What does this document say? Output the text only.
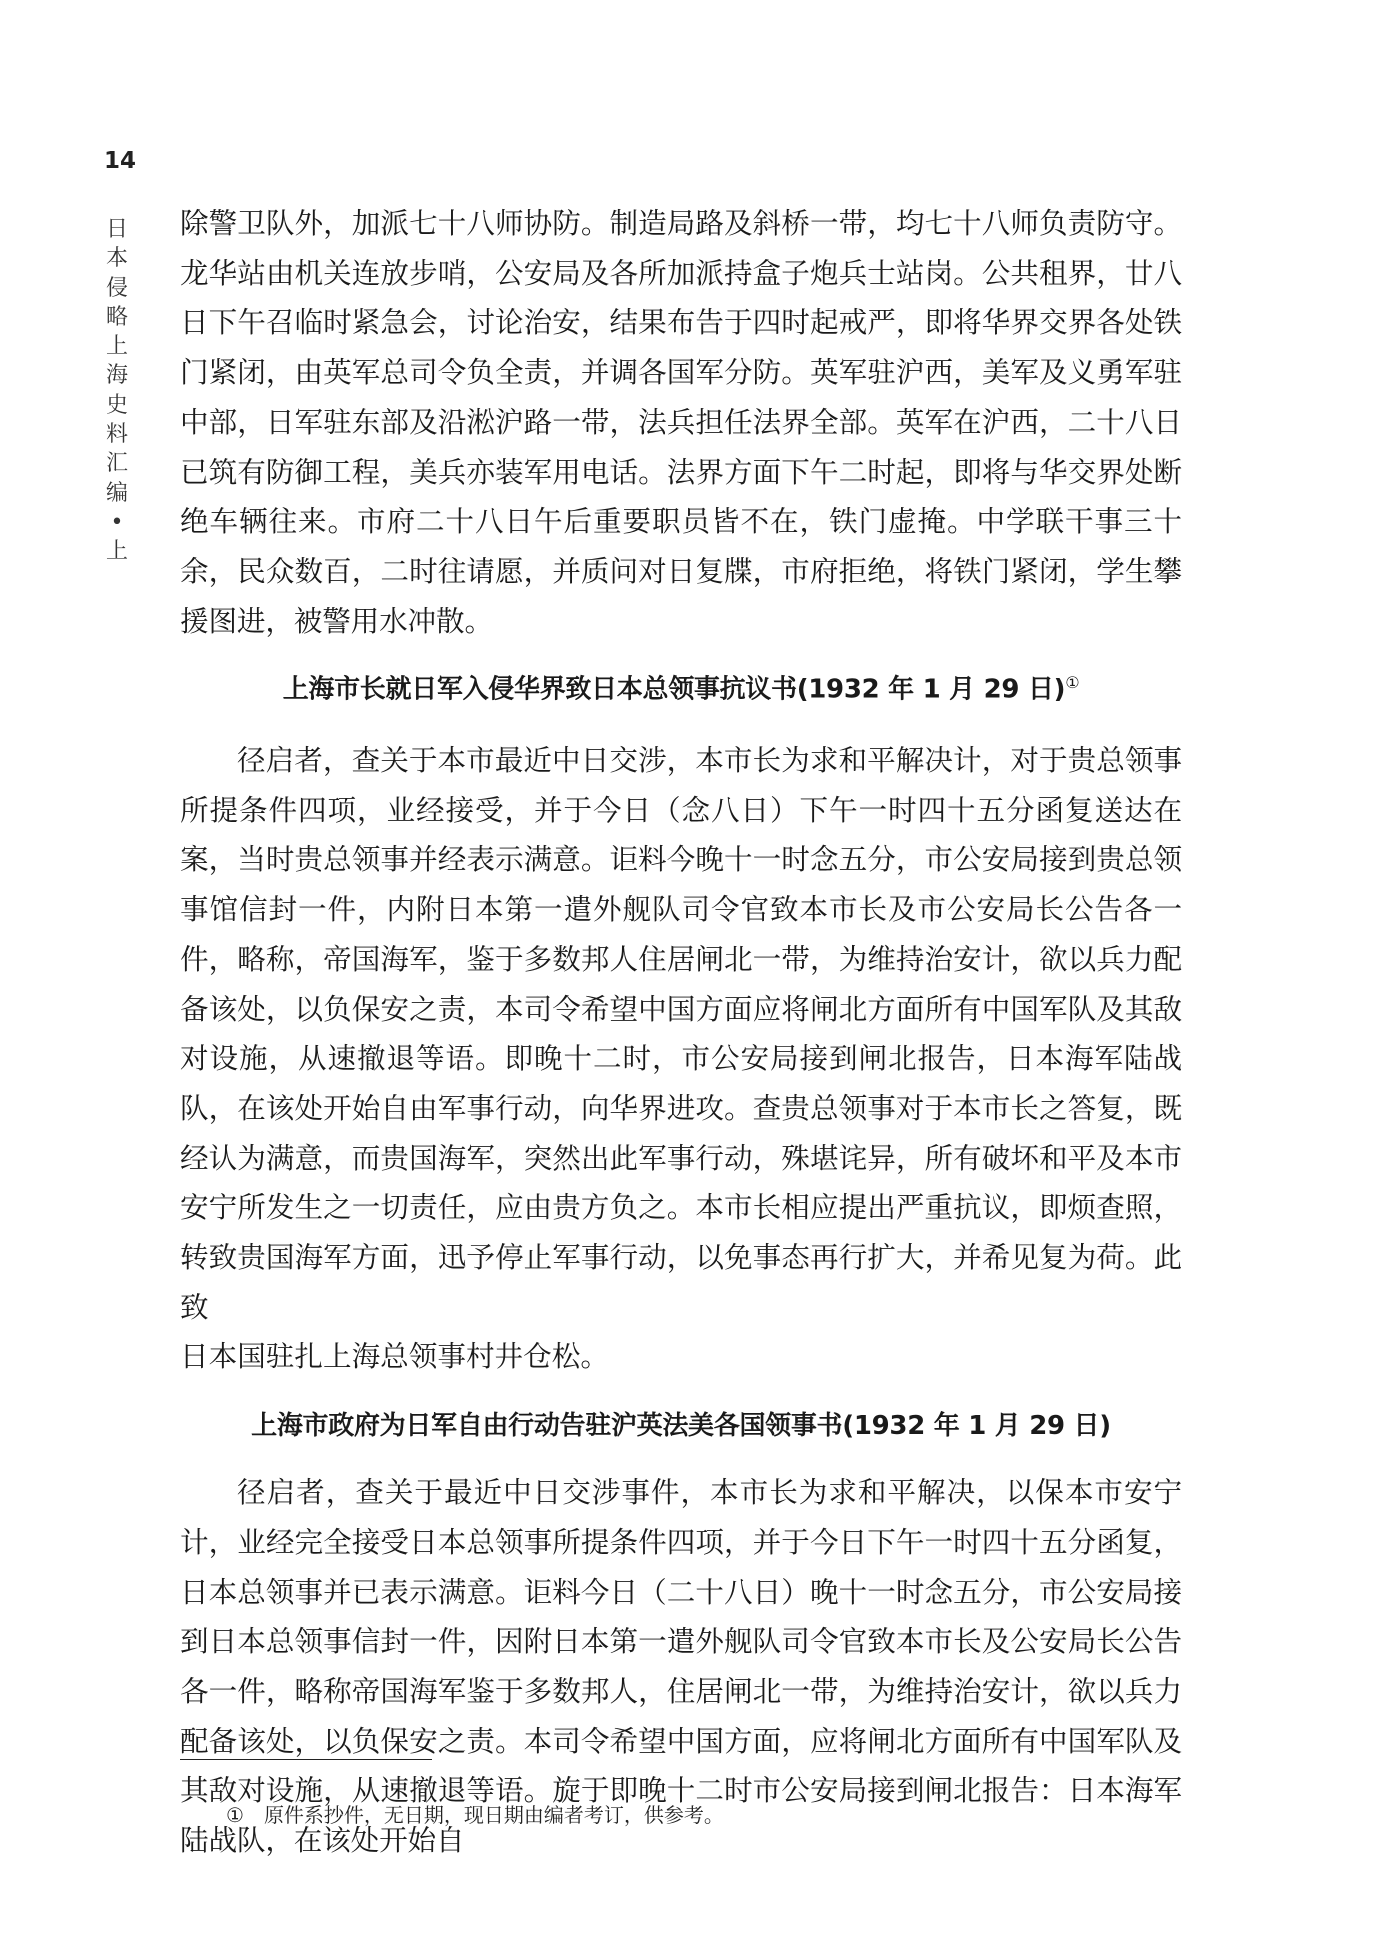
14
日本侵略上海史料汇编 • 上

除警卫队外，加派七十八师协防。制造局路及斜桥一带，均七十八师负责防守。龙华站由机关连放步哨，公安局及各所加派持盒子炮兵士站岗。公共租界，廿八日下午召临时紧急会，讨论治安，结果布告于四时起戒严，即将华界交界各处铁门紧闭，由英军总司令负全责，并调各国军分防。英军驻沪西，美军及义勇军驻中部，日军驻东部及沿淞沪路一带，法兵担任法界全部。英军在沪西，二十八日已筑有防御工程，美兵亦装军用电话。法界方面下午二时起，即将与华交界处断绝车辆往来。市府二十八日午后重要职员皆不在，铁门虚掩。中学联干事三十余，民众数百，二时往请愿，并质问对日复牒，市府拒绝，将铁门紧闭，学生攀援图进，被警用水冲散。

上海市长就日军入侵华界致日本总领事抗议书(1932 年 1 月 29 日)①

径启者，查关于本市最近中日交涉，本市长为求和平解决计，对于贵总领事所提条件四项，业经接受，并于今日（念八日）下午一时四十五分函复送达在案，当时贵总领事并经表示满意。讵料今晚十一时念五分，市公安局接到贵总领事馆信封一件，内附日本第一遣外舰队司令官致本市长及市公安局长公告各一件，略称，帝国海军，鉴于多数邦人住居闸北一带，为维持治安计，欲以兵力配备该处，以负保安之责，本司令希望中国方面应将闸北方面所有中国军队及其敌对设施，从速撤退等语。即晚十二时，市公安局接到闸北报告，日本海军陆战队，在该处开始自由军事行动，向华界进攻。查贵总领事对于本市长之答复，既经认为满意，而贵国海军，突然出此军事行动，殊堪诧异，所有破坏和平及本市安宁所发生之一切责任，应由贵方负之。本市长相应提出严重抗议，即烦查照，转致贵国海军方面，迅予停止军事行动，以免事态再行扩大，并希见复为荷。此致

日本国驻扎上海总领事村井仓松。

上海市政府为日军自由行动告驻沪英法美各国领事书(1932 年 1 月 29 日)

径启者，查关于最近中日交涉事件，本市长为求和平解决，以保本市安宁计，业经完全接受日本总领事所提条件四项，并于今日下午一时四十五分函复，日本总领事并已表示满意。讵料今日（二十八日）晚十一时念五分，市公安局接到日本总领事信封一件，因附日本第一遣外舰队司令官致本市长及公安局长公告各一件，略称帝国海军鉴于多数邦人，住居闸北一带，为维持治安计，欲以兵力配备该处，以负保安之责。本司令希望中国方面，应将闸北方面所有中国军队及其敌对设施，从速撤退等语。旋于即晚十二时市公安局接到闸北报告：日本海军陆战队，在该处开始自

① 原件系抄件，无日期，现日期由编者考订，供参考。
